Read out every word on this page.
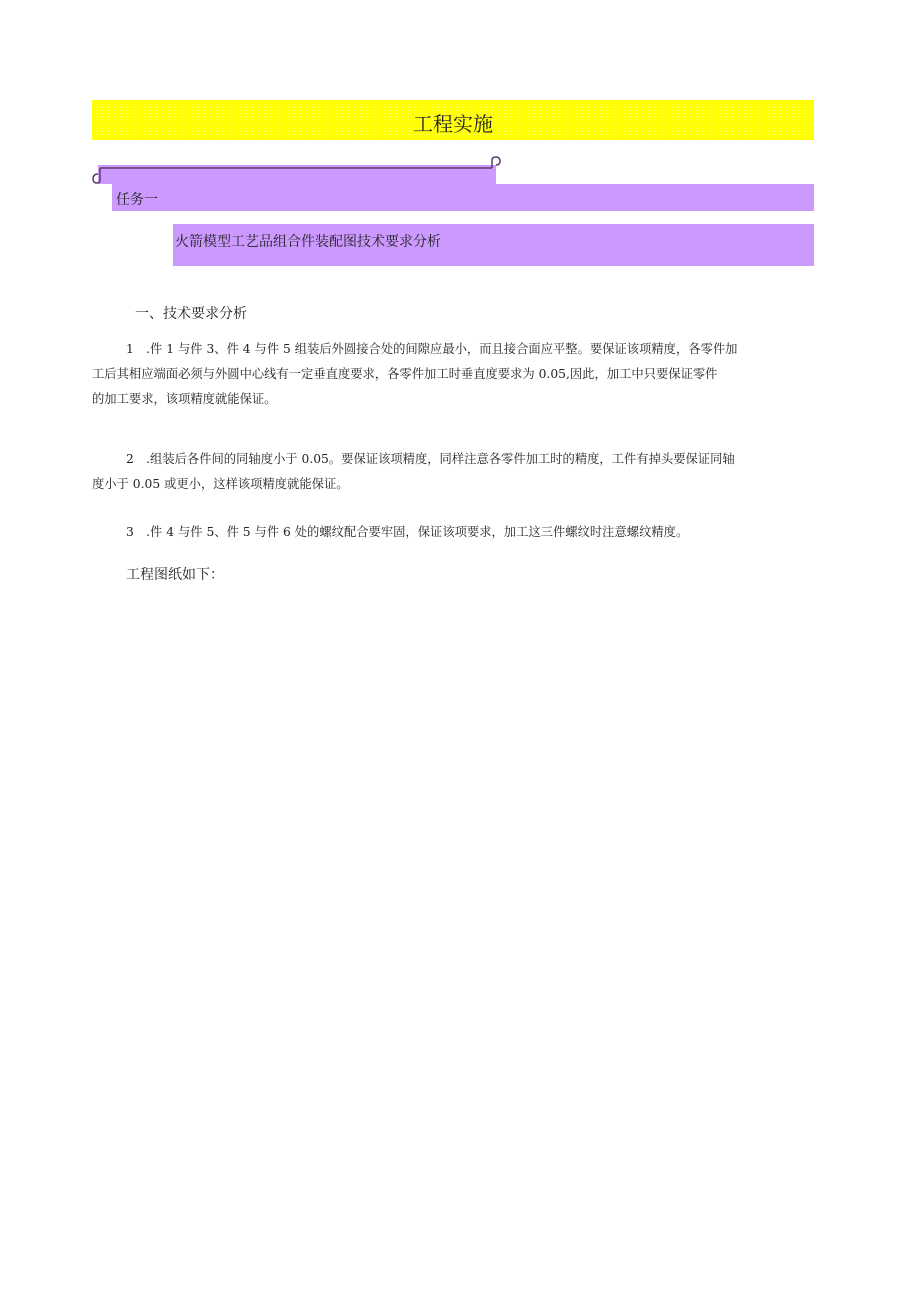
工程实施
任务一
火箭模型工艺品组合件装配图技术要求分析
一、技术要求分析
1　.件 1 与件 3、件 4 与件 5 组装后外圆接合处的间隙应最小，而且接合面应平整。要保证该项精度，各零件加
工后其相应端面必须与外圆中心线有一定垂直度要求，各零件加工时垂直度要求为 0.05,因此，加工中只要保证零件
的加工要求，该项精度就能保证。
2　.组装后各件间的同轴度小于 0.05。要保证该项精度，同样注意各零件加工时的精度，工件有掉头要保证同轴
度小于 0.05 或更小，这样该项精度就能保证。
3　.件 4 与件 5、件 5 与件 6 处的螺纹配合要牢固，保证该项要求，加工这三件螺纹时注意螺纹精度。
工程图纸如下：
